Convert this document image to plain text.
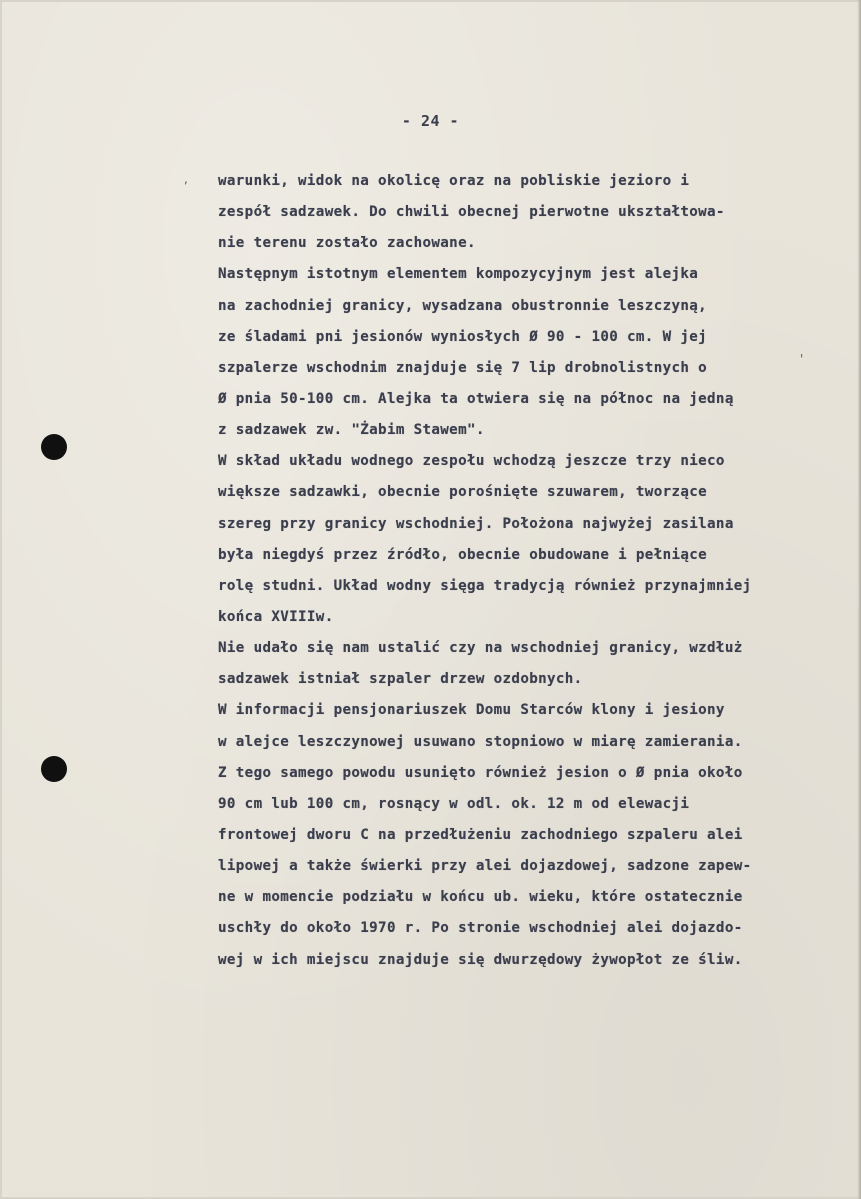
,
'
- 24 -
warunki, widok na okolicę oraz na pobliskie jezioro i
zespół sadzawek. Do chwili obecnej pierwotne ukształtowa-
nie terenu zostało zachowane.
Następnym istotnym elementem kompozycyjnym jest alejka
na zachodniej granicy, wysadzana obustronnie leszczyną,
ze śladami pni jesionów wyniosłych Ø 90 - 100 cm. W jej
szpalerze wschodnim znajduje się 7 lip drobnolistnych o
Ø pnia 50-100 cm. Alejka ta otwiera się na północ na jedną
z sadzawek zw. "Żabim Stawem".
W skład układu wodnego zespołu wchodzą jeszcze trzy nieco
większe sadzawki, obecnie porośnięte szuwarem, tworzące
szereg przy granicy wschodniej. Położona najwyżej zasilana
była niegdyś przez źródło, obecnie obudowane i pełniące
rolę studni. Układ wodny sięga tradycją również przynajmniej
końca XVIIIw.
Nie udało się nam ustalić czy na wschodniej granicy, wzdłuż
sadzawek istniał szpaler drzew ozdobnych.
W informacji pensjonariuszek Domu Starców klony i jesiony
w alejce leszczynowej usuwano stopniowo w miarę zamierania.
Z tego samego powodu usunięto również jesion o Ø pnia około
90 cm lub 100 cm, rosnący w odl. ok. 12 m od elewacji
frontowej dworu C na przedłużeniu zachodniego szpaleru alei
lipowej a także świerki przy alei dojazdowej, sadzone zapew-
ne w momencie podziału w końcu ub. wieku, które ostatecznie
uschły do około 1970 r. Po stronie wschodniej alei dojazdo-
wej w ich miejscu znajduje się dwurzędowy żywopłot ze śliw.
